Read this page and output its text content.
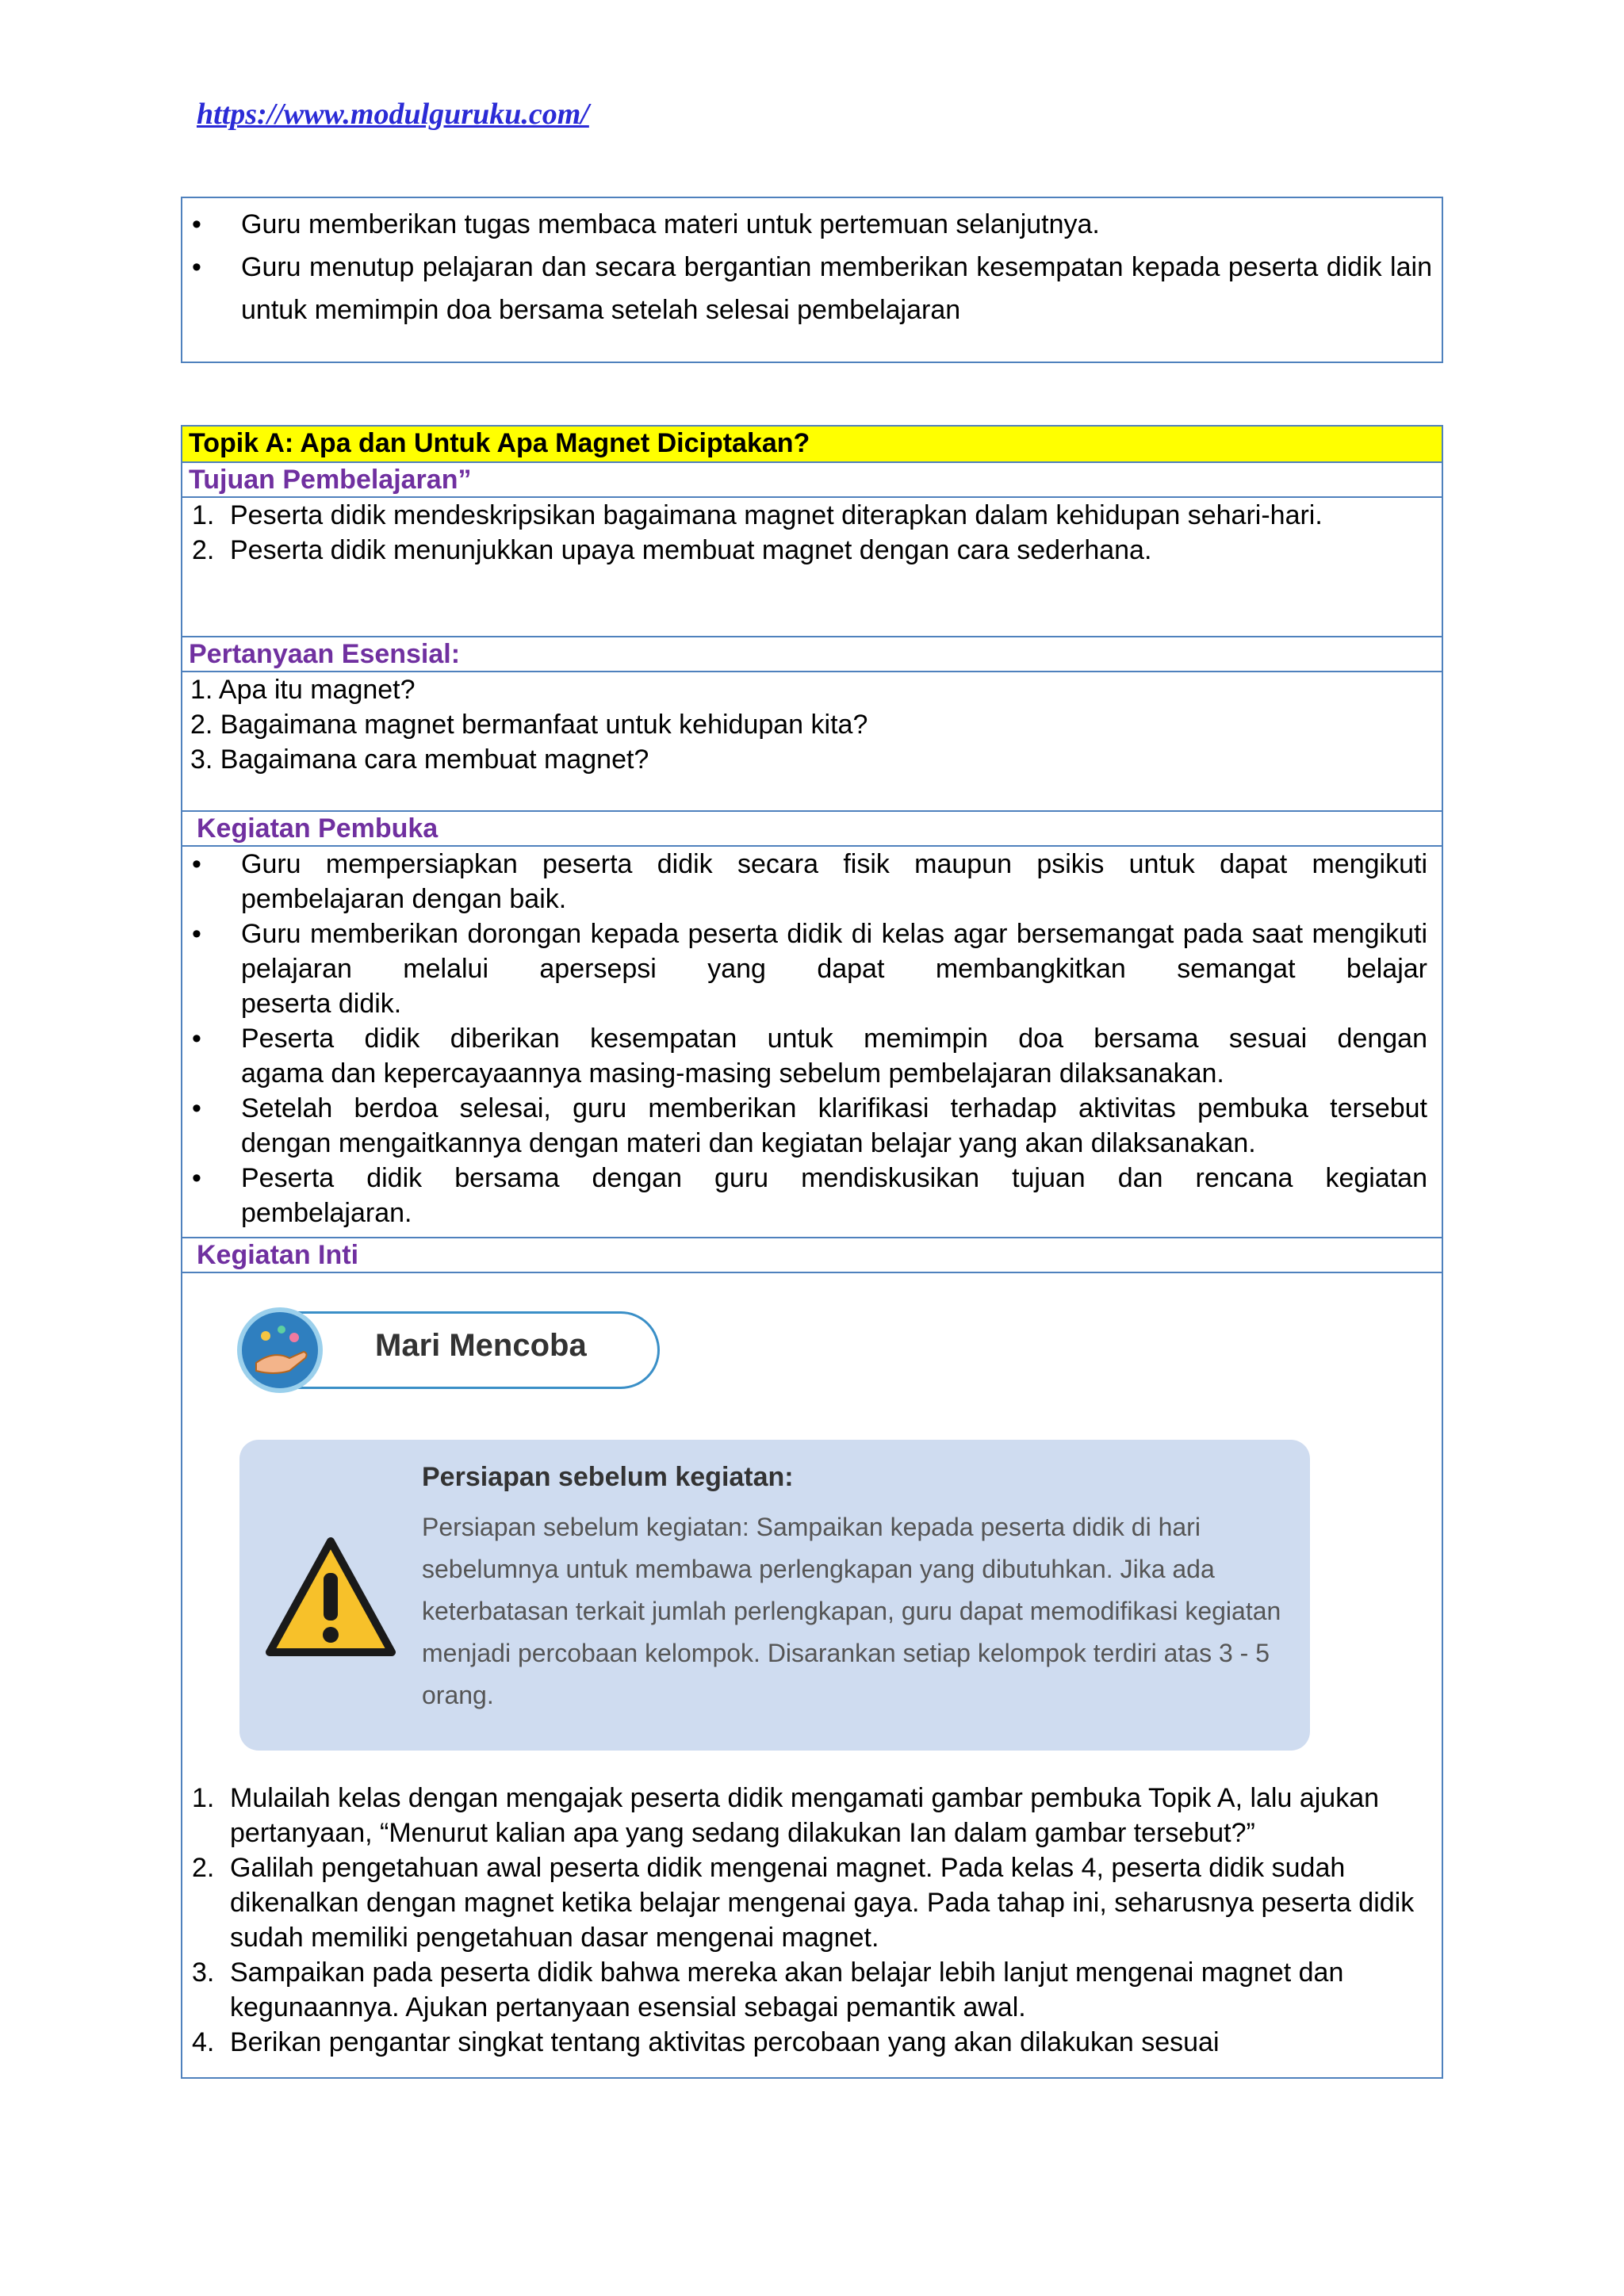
https://www.modulguruku.com/
• Guru memberikan tugas membaca materi untuk pertemuan selanjutnya.
• Guru menutup pelajaran dan secara bergantian memberikan kesempatan kepada peserta didik lain untuk memimpin doa bersama setelah selesai pembelajaran
Topik A: Apa dan Untuk Apa Magnet Diciptakan?
Tujuan Pembelajaran”
1. Peserta didik mendeskripsikan bagaimana magnet diterapkan dalam kehidupan sehari-hari.
2. Peserta didik menunjukkan upaya membuat magnet dengan cara sederhana.
Pertanyaan Esensial:
1. Apa itu magnet?
2. Bagaimana magnet bermanfaat untuk kehidupan kita?
3. Bagaimana cara membuat magnet?
Kegiatan Pembuka
• Guru mempersiapkan peserta didik secara fisik maupun psikis untuk dapat mengikuti
pembelajaran dengan baik.
• Guru memberikan dorongan kepada peserta didik di kelas agar bersemangat pada saat mengikuti pelajaran melalui apersepsi yang dapat membangkitkan semangat belajar
peserta didik.
• Peserta didik diberikan kesempatan untuk memimpin doa bersama sesuai dengan
agama dan kepercayaannya masing-masing sebelum pembelajaran dilaksanakan.
• Setelah berdoa selesai, guru memberikan klarifikasi terhadap aktivitas pembuka tersebut
dengan mengaitkannya dengan materi dan kegiatan belajar yang akan dilaksanakan.
• Peserta didik bersama dengan guru mendiskusikan tujuan dan rencana kegiatan
pembelajaran.
Kegiatan Inti
Mari Mencoba
Persiapan sebelum kegiatan:
Persiapan sebelum kegiatan: Sampaikan kepada peserta didik di hari sebelumnya untuk membawa perlengkapan yang dibutuhkan. Jika ada keterbatasan terkait jumlah perlengkapan, guru dapat memodifikasi kegiatan menjadi percobaan kelompok. Disarankan setiap kelompok terdiri atas 3 - 5 orang.
1. Mulailah kelas dengan mengajak peserta didik mengamati gambar pembuka Topik A, lalu ajukan pertanyaan, “Menurut kalian apa yang sedang dilakukan Ian dalam gambar tersebut?”
2. Galilah pengetahuan awal peserta didik mengenai magnet. Pada kelas 4, peserta didik sudah dikenalkan dengan magnet ketika belajar mengenai gaya. Pada tahap ini, seharusnya peserta didik sudah memiliki pengetahuan dasar mengenai magnet.
3. Sampaikan pada peserta didik bahwa mereka akan belajar lebih lanjut mengenai magnet dan kegunaannya. Ajukan pertanyaan esensial sebagai pemantik awal.
4. Berikan pengantar singkat tentang aktivitas percobaan yang akan dilakukan sesuai
